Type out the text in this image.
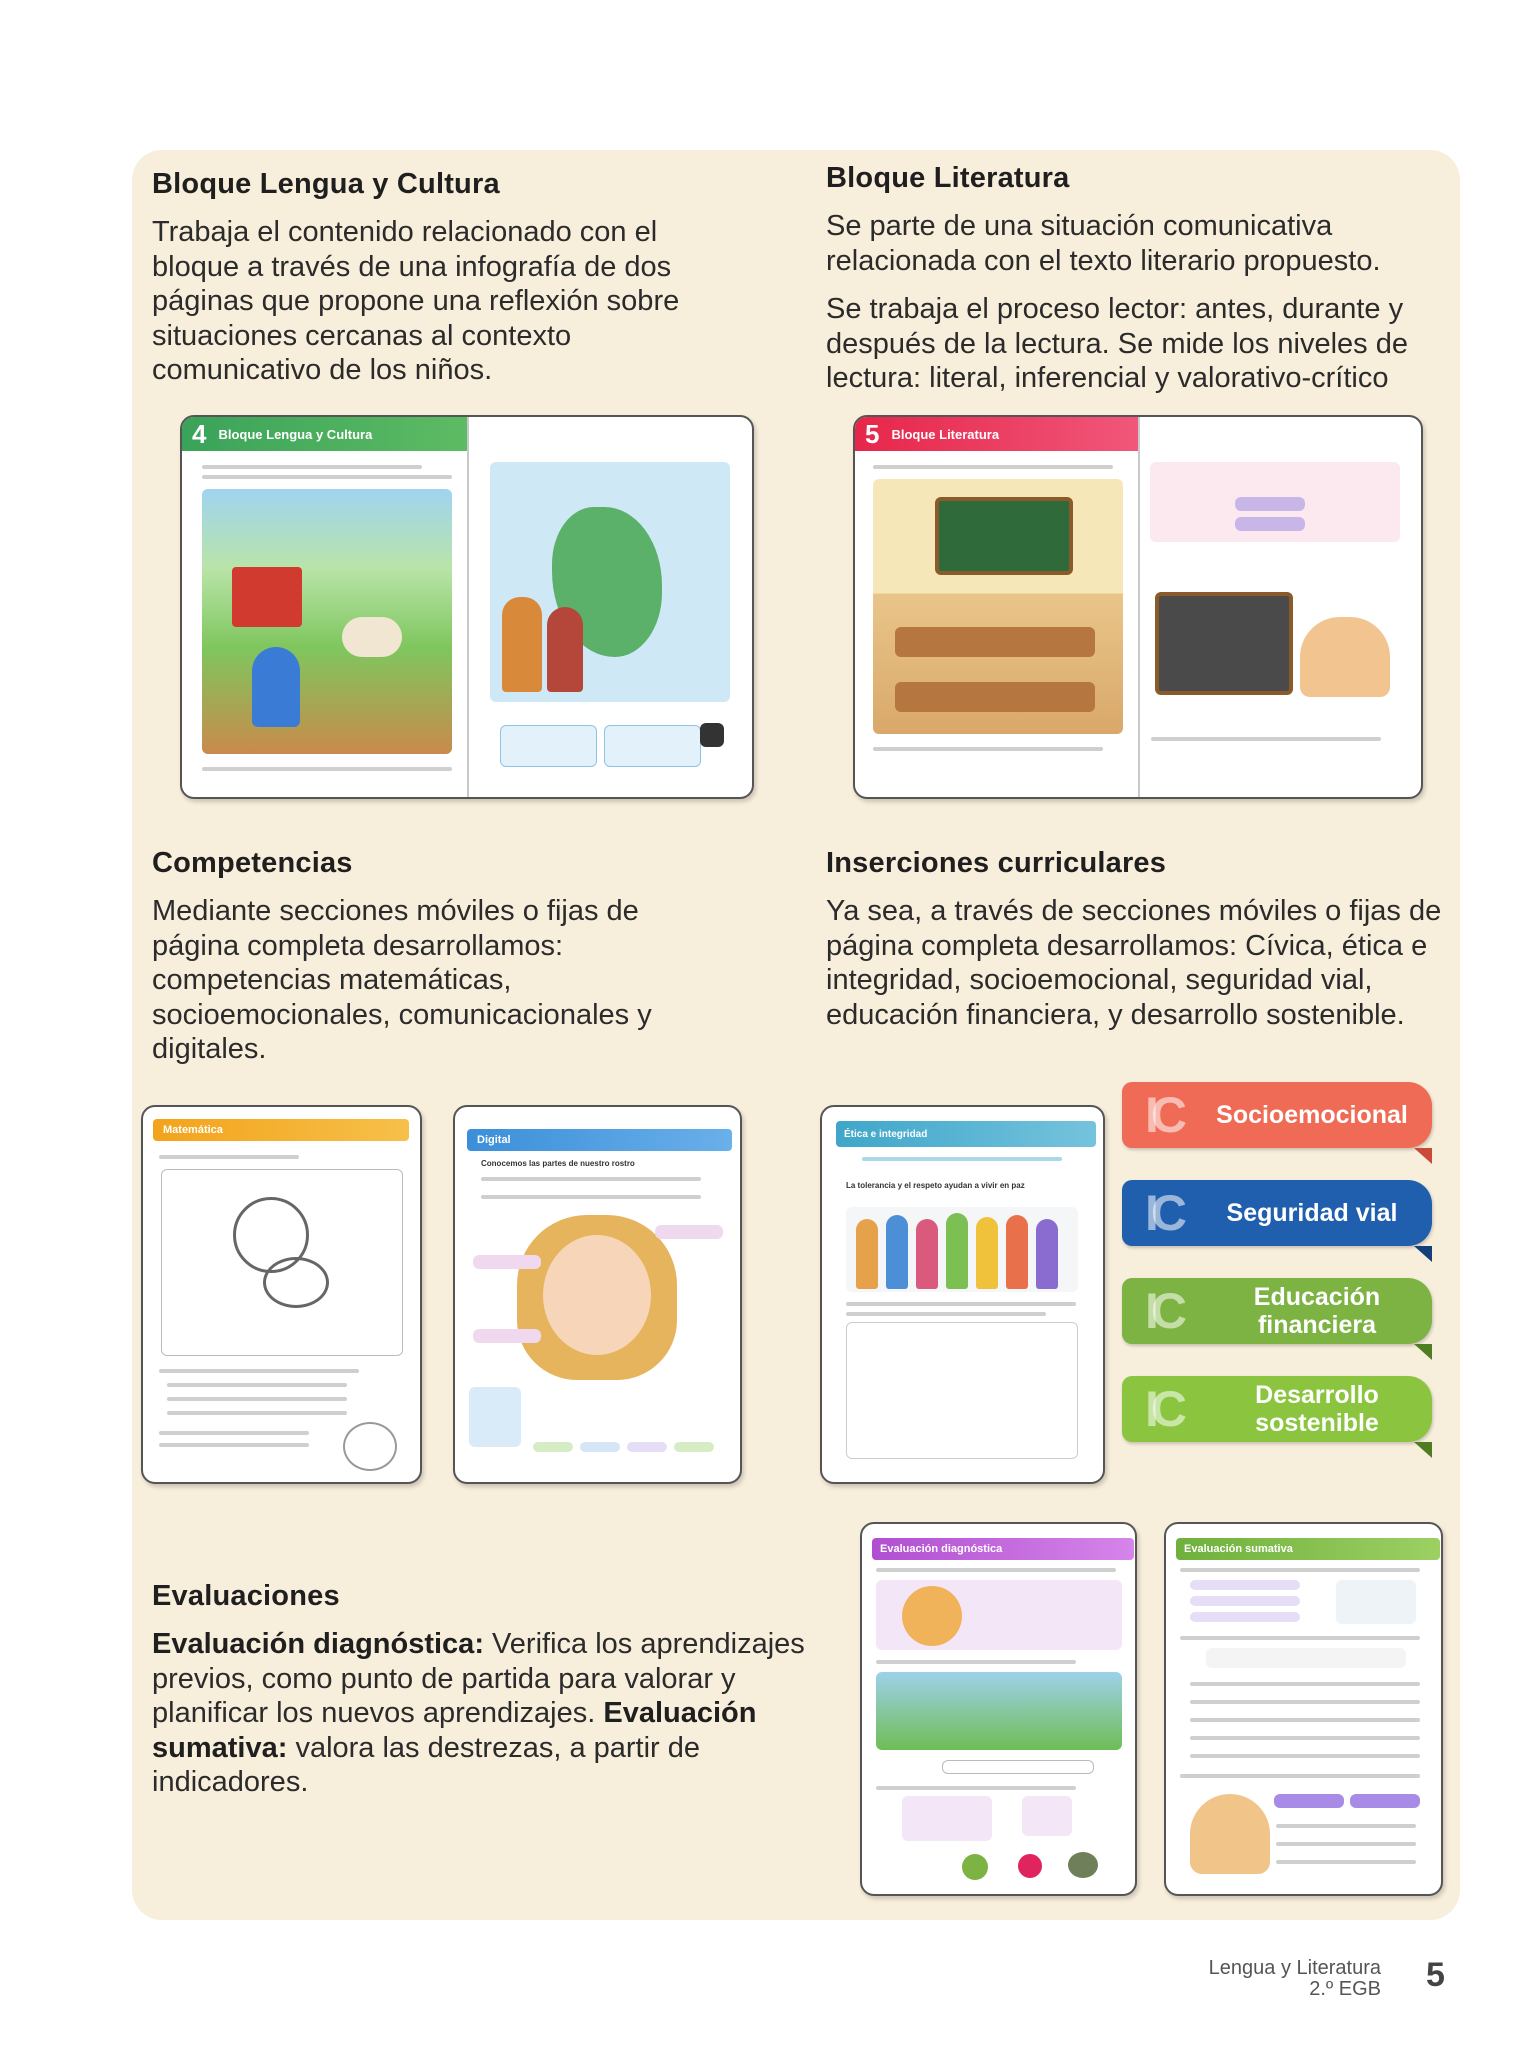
Bloque Lengua y Cultura

Trabaja el contenido relacionado con el bloque a través de una infografía de dos páginas que propone una reflexión sobre situaciones cercanas al contexto comunicativo de los niños.

Bloque Literatura

Se parte de una situación comunicativa relacionada con el texto literario propuesto.

Se trabaja el proceso lector: antes, durante y después de la lectura. Se mide los niveles de lectura: literal, inferencial y valorativo-crítico

4 Bloque Lengua y Cultura	5 Bloque Literatura
Competencias

Mediante secciones móviles o fijas de página completa desarrollamos: competencias matemáticas, socioemocionales, comunicacionales y digitales.

Inserciones curriculares

Ya sea, a través de secciones móviles o fijas de página completa desarrollamos: Cívica, ética e integridad, socioemocional, seguridad vial, educación financiera, y desarrollo sostenible.

Matemática
Digital
Conocemos las partes de nuestro rostro
Ética e integridad
La tolerancia y el respeto ayudan a vivir en paz
IC	Socioemocional
IC	Seguridad vial
IC	Educación financiera
IC	Desarrollo sostenible
Evaluaciones

Evaluación diagnóstica: Verifica los aprendizajes previos, como punto de partida para valorar y planificar los nuevos aprendizajes. Evaluación sumativa: valora las destrezas, a partir de indicadores.

Evaluación diagnóstica	Evaluación sumativa
Lengua y Literatura
2.º EGB 5
